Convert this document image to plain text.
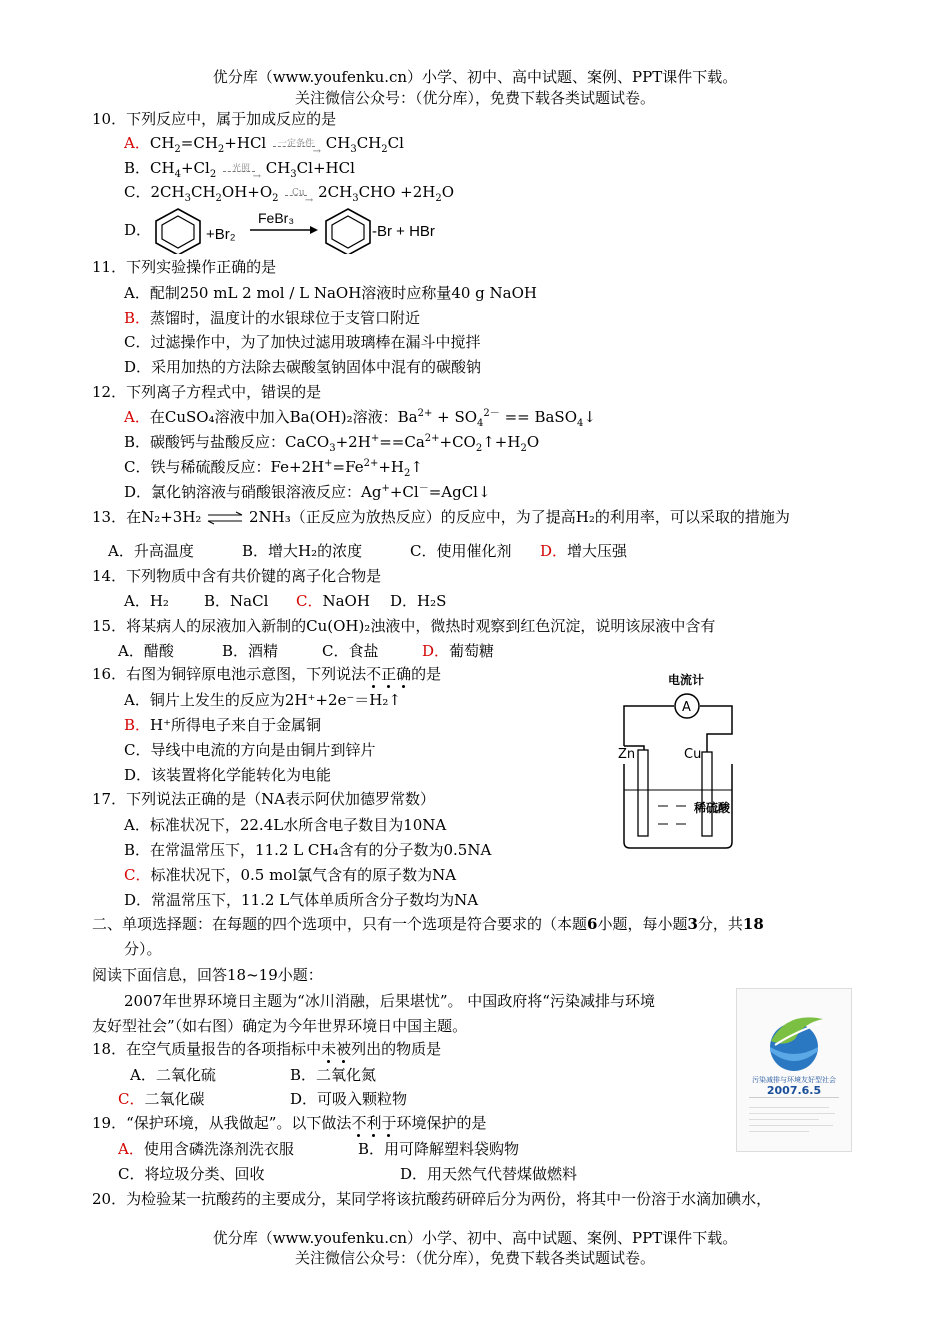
优分库（www.youfenku.cn）小学、初中、高中试题、案例、PPT课件下载。
关注微信公众号：（优分库），免费下载各类试题试卷。
10．下列反应中，属于加成反应的是
A．$CH_2=CH_2+HCl$ 一定条件
→ $CH_3CH_2Cl$
B．$CH_4+Cl_2$	光照
→ $CH_3Cl+HCl$
C．$2CH_3CH_2OH+O_2$	Cu
→ $2CH_3CHO +2H_2O$
D．	+Br₂
FeBr₃
-Br + HBr
11．下列实验操作正确的是
A．配制250 mL 2 mol / L NaOH溶液时应称量40 g NaOH
B．蒸馏时，温度计的水银球位于支管口附近
C．过滤操作中，为了加快过滤用玻璃棒在漏斗中搅拌
D．采用加热的方法除去碳酸氢钠固体中混有的碳酸钠
12．下列离子方程式中，错误的是
A．在CuSO₄溶液中加入Ba(OH)₂溶液：$Ba^{2+} + SO_4^{2-}$ == BaSO$_4$↓
B．碳酸钙与盐酸反应：$CaCO_3+2H^+==Ca^{2+}+CO_2↑+H_2O$
C．铁与稀硫酸反应：$Fe+2H^+=Fe^{2+}+H_2↑$
D．氯化钠溶液与硝酸银溶液反应：Ag++Cl－=AgCl↓
13．在N₂+3H₂ ⇌ 2NH₃（正反应为放热反应）的反应中，为了提高H₂的利用率，可以采取的措施为
A．升高温度	B．增大H₂的浓度	C．使用催化剂 D．增大压强
14．下列物质中含有共价键的离子化合物是
A．H₂ B．NaCl C．NaOH D．H₂S
15．将某病人的尿液加入新制的Cu(OH)₂浊液中，微热时观察到红色沉淀，说明该尿液中含有
A．醋酸	B．酒精	C．食盐	D．葡萄糖
16．右图为铜锌原电池示意图，下列说法不正确的是
A．铜片上发生的反应为2H⁺+2e⁻＝H₂↑
B．H⁺所得电子来自于金属铜
C．导线中电流的方向是由铜片到锌片
D．该装置将化学能转化为电能
电流计
A
Zn	Cu
稀硫酸
17．下列说法正确的是（NA表示阿伏加德罗常数）
A．标准状况下，22.4L水所含电子数目为10NA
B．在常温常压下，11.2 L CH₄含有的分子数为0.5NA
C．标准状况下，0.5 mol氯气含有的原子数为NA
D．常温常压下，11.2 L气体单质所含分子数均为NA
二、单项选择题：在每题的四个选项中，只有一个选项是符合要求的（本题6小题，每小题3分，共18
分）。
阅读下面信息，回答18~19小题：
2007年世界环境日主题为“冰川消融，后果堪忧”。 中国政府将“污染减排与环境
友好型社会”（如右图）确定为今年世界环境日中国主题。
污染减排与环境友好型社会
2007.6.5
18．在空气质量报告的各项指标中未被列出的物质是
A．二氧化硫	B．二氧化氮
C．二氧化碳	D．可吸入颗粒物
19．“保护环境，从我做起”。以下做法不利于环境保护的是
A．使用含磷洗涤剂洗衣服	B．用可降解塑料袋购物
C．将垃圾分类、回收	D．用天然气代替煤做燃料
20．为检验某一抗酸药的主要成分，某同学将该抗酸药研碎后分为两份，将其中一份溶于水滴加碘水，
优分库（www.youfenku.cn）小学、初中、高中试题、案例、PPT课件下载。
关注微信公众号：（优分库），免费下载各类试题试卷。
